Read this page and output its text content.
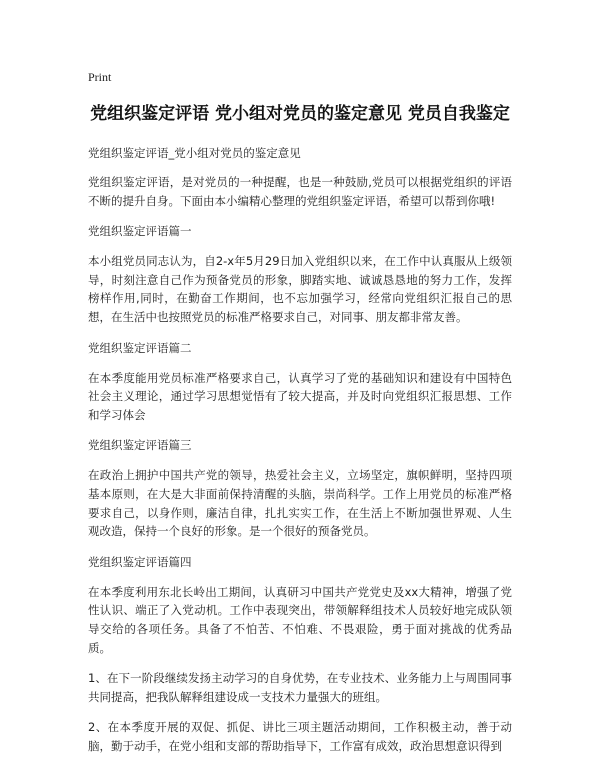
Print
党组织鉴定评语 党小组对党员的鉴定意见 党员自我鉴定
党组织鉴定评语_党小组对党员的鉴定意见

党组织鉴定评语，是对党员的一种提醒，也是一种鼓励,党员可以根据党组织的评语不断的提升自身。下面由本小编精心整理的党组织鉴定评语，希望可以帮到你哦!

党组织鉴定评语篇一

本小组党员同志认为，自2-x年5月29日加入党组织以来，在工作中认真服从上级领导，时刻注意自己作为预备党员的形象，脚踏实地、诚诚恳恳地的努力工作，发挥榜样作用,同时，在勤奋工作期间，也不忘加强学习，经常向党组织汇报自己的思想，在生活中也按照党员的标准严格要求自己，对同事、朋友都非常友善。

党组织鉴定评语篇二

在本季度能用党员标准严格要求自己，认真学习了党的基础知识和建设有中国特色社会主义理论，通过学习思想觉悟有了较大提高，并及时向党组织汇报思想、工作和学习体会

党组织鉴定评语篇三

在政治上拥护中国共产党的领导，热爱社会主义，立场坚定，旗帜鲜明，坚持四项基本原则，在大是大非面前保持清醒的头脑，崇尚科学。工作上用党员的标准严格要求自己，以身作则，廉洁自律，扎扎实实工作，在生活上不断加强世界观、人生观改造，保持一个良好的形象。是一个很好的预备党员。

党组织鉴定评语篇四

在本季度利用东北长岭出工期间，认真研习中国共产党党史及xx大精神，增强了党性认识、端正了入党动机。工作中表现突出，带领解释组技术人员较好地完成队领导交给的各项任务。具备了不怕苦、不怕难、不畏艰险，勇于面对挑战的优秀品质。

1、在下一阶段继续发扬主动学习的自身优势，在专业技术、业务能力上与周围同事共同提高，把我队解释组建设成一支技术力量强大的班组。

2、在本季度开展的双促、抓促、讲比三项主题活动期间，工作积极主动，善于动脑，勤于动手，在党小组和支部的帮助指导下，工作富有成效，政治思想意识得到
